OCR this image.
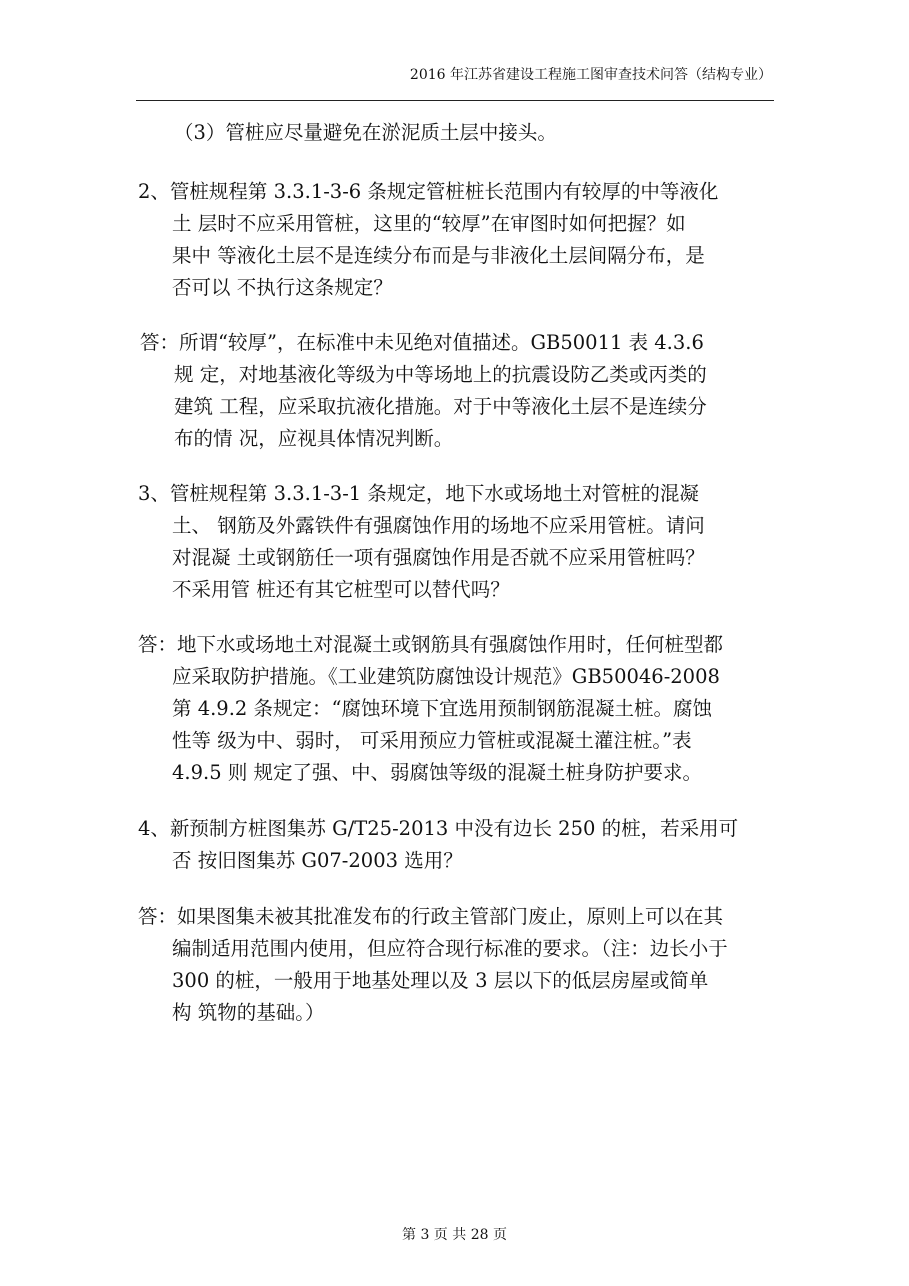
2016 年江苏省建设工程施工图审查技术问答（结构专业）
（3）管桩应尽量避免在淤泥质土层中接头。
2、管桩规程第 3.3.1-3-6 条规定管桩桩长范围内有较厚的中等液化
土 层时不应采用管桩，这里的“较厚”在审图时如何把握？如
果中 等液化土层不是连续分布而是与非液化土层间隔分布，是
否可以 不执行这条规定？
答：所谓“较厚”，在标准中未见绝对值描述。GB50011 表 4.3.6
规 定，对地基液化等级为中等场地上的抗震设防乙类或丙类的
建筑 工程，应采取抗液化措施。对于中等液化土层不是连续分
布的情 况，应视具体情况判断。
3、管桩规程第 3.3.1-3-1 条规定，地下水或场地土对管桩的混凝
土、 钢筋及外露铁件有强腐蚀作用的场地不应采用管桩。请问
对混凝 土或钢筋任一项有强腐蚀作用是否就不应采用管桩吗？
不采用管 桩还有其它桩型可以替代吗？
答：地下水或场地土对混凝土或钢筋具有强腐蚀作用时，任何桩型都
应采取防护措施。《工业建筑防腐蚀设计规范》GB50046-2008
第 4.9.2 条规定：“腐蚀环境下宜选用预制钢筋混凝土桩。腐蚀
性等 级为中、弱时， 可采用预应力管桩或混凝土灌注桩。”表
4.9.5 则 规定了强、中、弱腐蚀等级的混凝土桩身防护要求。
4、新预制方桩图集苏 G/T25-2013 中没有边长 250 的桩，若采用可
否 按旧图集苏 G07-2003 选用？
答：如果图集未被其批准发布的行政主管部门废止，原则上可以在其
编制适用范围内使用，但应符合现行标准的要求。（注：边长小于
300 的桩，一般用于地基处理以及 3 层以下的低层房屋或简单
构 筑物的基础。）
第 3 页 共 28 页
